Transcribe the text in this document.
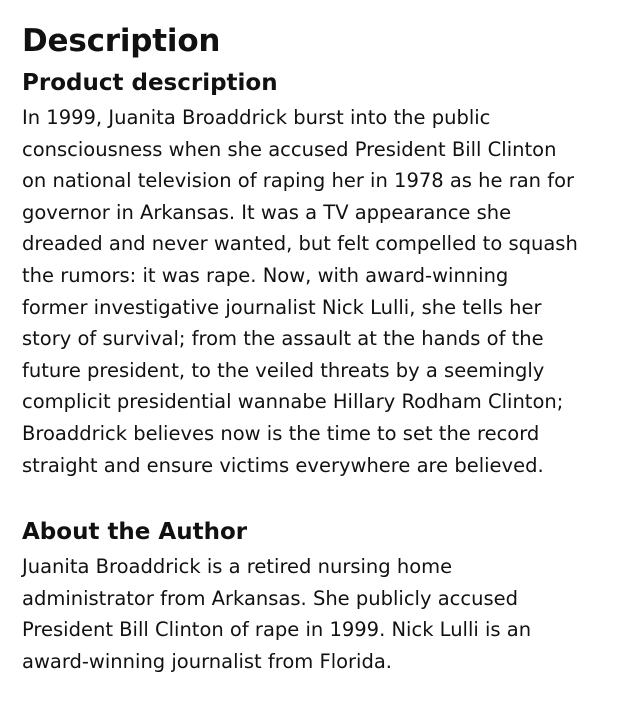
Description
Product description

In 1999, Juanita Broaddrick burst into the public
consciousness when she accused President Bill Clinton
on national television of raping her in 1978 as he ran for
governor in Arkansas. It was a TV appearance she
dreaded and never wanted, but felt compelled to squash
the rumors: it was rape. Now, with award-winning
former investigative journalist Nick Lulli, she tells her
story of survival; from the assault at the hands of the
future president, to the veiled threats by a seemingly
complicit presidential wannabe Hillary Rodham Clinton;
Broaddrick believes now is the time to set the record
straight and ensure victims everywhere are believed.

About the Author

Juanita Broaddrick is a retired nursing home
administrator from Arkansas. She publicly accused
President Bill Clinton of rape in 1999. Nick Lulli is an
award-winning journalist from Florida.
